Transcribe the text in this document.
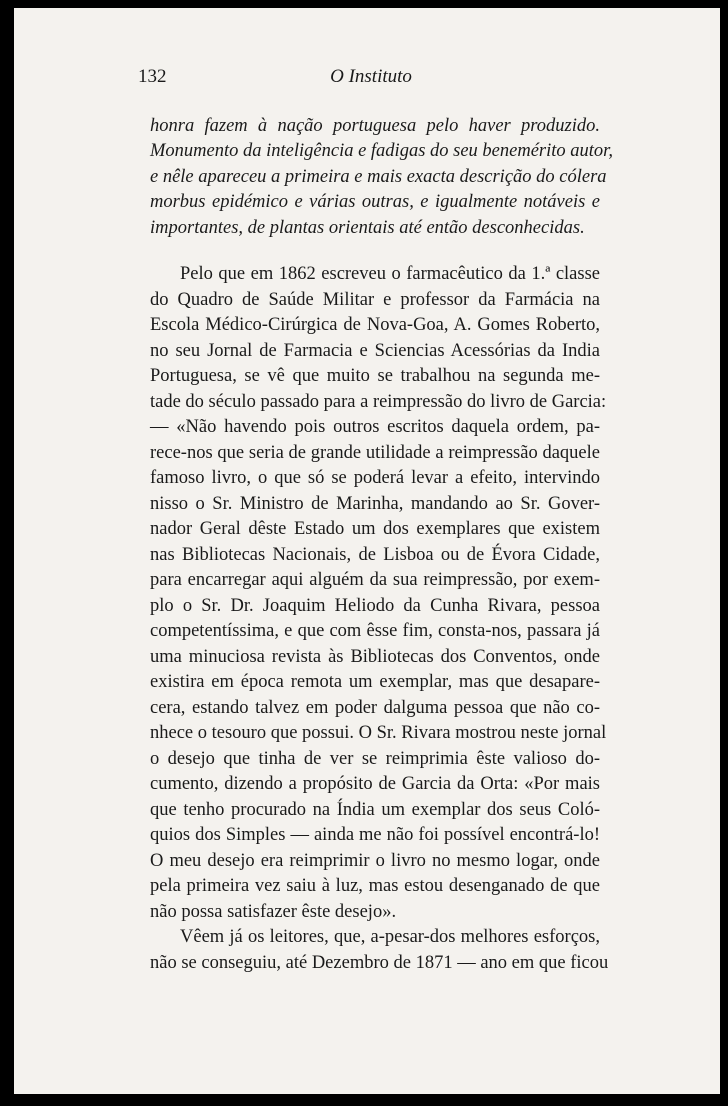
132	O Instituto
honra fazem à nação portuguesa pelo haver produzido.
Monumento da inteligência e fadigas do seu benemérito autor,
e nêle apareceu a primeira e mais exacta descrição do cólera
morbus epidémico e várias outras, e igualmente notáveis e
importantes, de plantas orientais até então desconhecidas.
Pelo que em 1862 escreveu o farmacêutico da 1.ª classe
do Quadro de Saúde Militar e professor da Farmácia na
Escola Médico-Cirúrgica de Nova-Goa, A. Gomes Roberto,
no seu Jornal de Farmacia e Sciencias Acessórias da India
Portuguesa, se vê que muito se trabalhou na segunda me-
tade do século passado para a reimpressão do livro de Garcia:
— «Não havendo pois outros escritos daquela ordem, pa-
rece-nos que seria de grande utilidade a reimpressão daquele
famoso livro, o que só se poderá levar a efeito, intervindo
nisso o Sr. Ministro de Marinha, mandando ao Sr. Gover-
nador Geral dêste Estado um dos exemplares que existem
nas Bibliotecas Nacionais, de Lisboa ou de Évora Cidade,
para encarregar aqui alguém da sua reimpressão, por exem-
plo o Sr. Dr. Joaquim Heliodo da Cunha Rivara, pessoa
competentíssima, e que com êsse fim, consta-nos, passara já
uma minuciosa revista às Bibliotecas dos Conventos, onde
existira em época remota um exemplar, mas que desapare-
cera, estando talvez em poder dalguma pessoa que não co-
nhece o tesouro que possui. O Sr. Rivara mostrou neste jornal
o desejo que tinha de ver se reimprimia êste valioso do-
cumento, dizendo a propósito de Garcia da Orta: «Por mais
que tenho procurado na Índia um exemplar dos seus Coló-
quios dos Simples — ainda me não foi possível encontrá-lo!
O meu desejo era reimprimir o livro no mesmo logar, onde
pela primeira vez saiu à luz, mas estou desenganado de que
não possa satisfazer êste desejo».
Vêem já os leitores, que, a-pesar-dos melhores esforços,
não se conseguiu, até Dezembro de 1871 — ano em que ficou
